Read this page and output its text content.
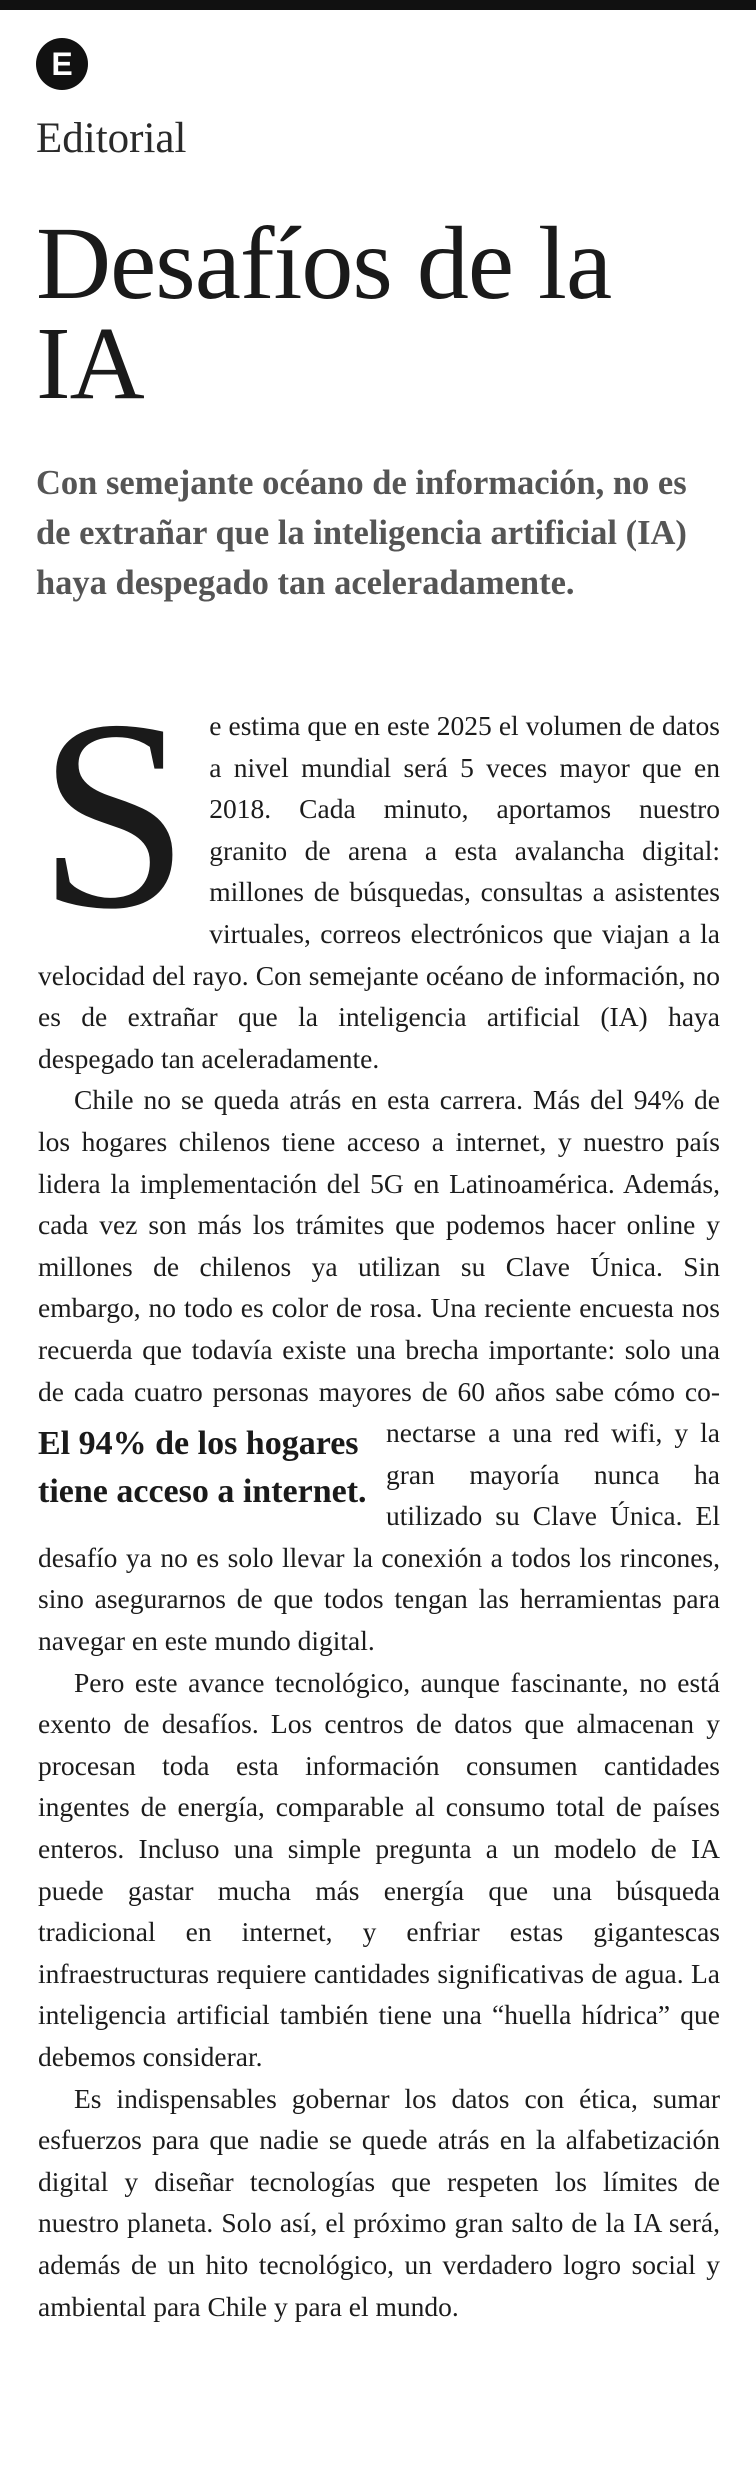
E
Editorial
Desafíos de la IA

Con semejante océano de información, no es de extrañar que la inteligencia artificial (IA) haya despegado tan aceleradamente.

Se estima que en este 2025 el volumen de datos a nivel mundial será 5 veces mayor que en 2018. Cada minuto, aportamos nuestro granito de arena a esta avalancha digital: millones de búsquedas, consultas a asistentes virtuales, correos electrónicos que viajan a la velocidad del rayo. Con semejante océano de información, no es de extrañar que la inteligencia artificial (IA) haya despegado tan aceleradamente.

Chile no se queda atrás en esta carrera. Más del 94% de los hogares chilenos tiene acceso a internet, y nuestro país lidera la implementación del 5G en Latinoamérica. Además, cada vez son más los trámites que podemos hacer online y millones de chilenos ya utilizan su Clave Única. Sin embargo, no todo es color de rosa. Una reciente encuesta nos recuerda que todavía existe una brecha importante: solo una de cada cuatro personas mayores de 60 años sabe cómo co-
El 94% de los hogares tiene acceso a internet.
nectarse a una red wifi, y la gran mayoría nunca ha utilizado su Clave Única. El desafío ya no es solo llevar la conexión a todos los rincones, sino asegurarnos de que todos tengan las herramientas para navegar en este mundo digital.

Pero este avance tecnológico, aunque fascinante, no está exento de desafíos. Los centros de datos que almacenan y procesan toda esta información consumen cantidades ingentes de energía, comparable al consumo total de países enteros. Incluso una simple pregunta a un modelo de IA puede gastar mucha más energía que una búsqueda tradicional en internet, y enfriar estas gigantescas infraestructuras requiere cantidades significativas de agua. La inteligencia artificial también tiene una “huella hídrica” que debemos considerar.

Es indispensables gobernar los datos con ética, sumar esfuerzos para que nadie se quede atrás en la alfabetización digital y diseñar tecnologías que respeten los límites de nuestro planeta. Solo así, el próximo gran salto de la IA será, además de un hito tecnológico, un verdadero logro social y ambiental para Chile y para el mundo.
